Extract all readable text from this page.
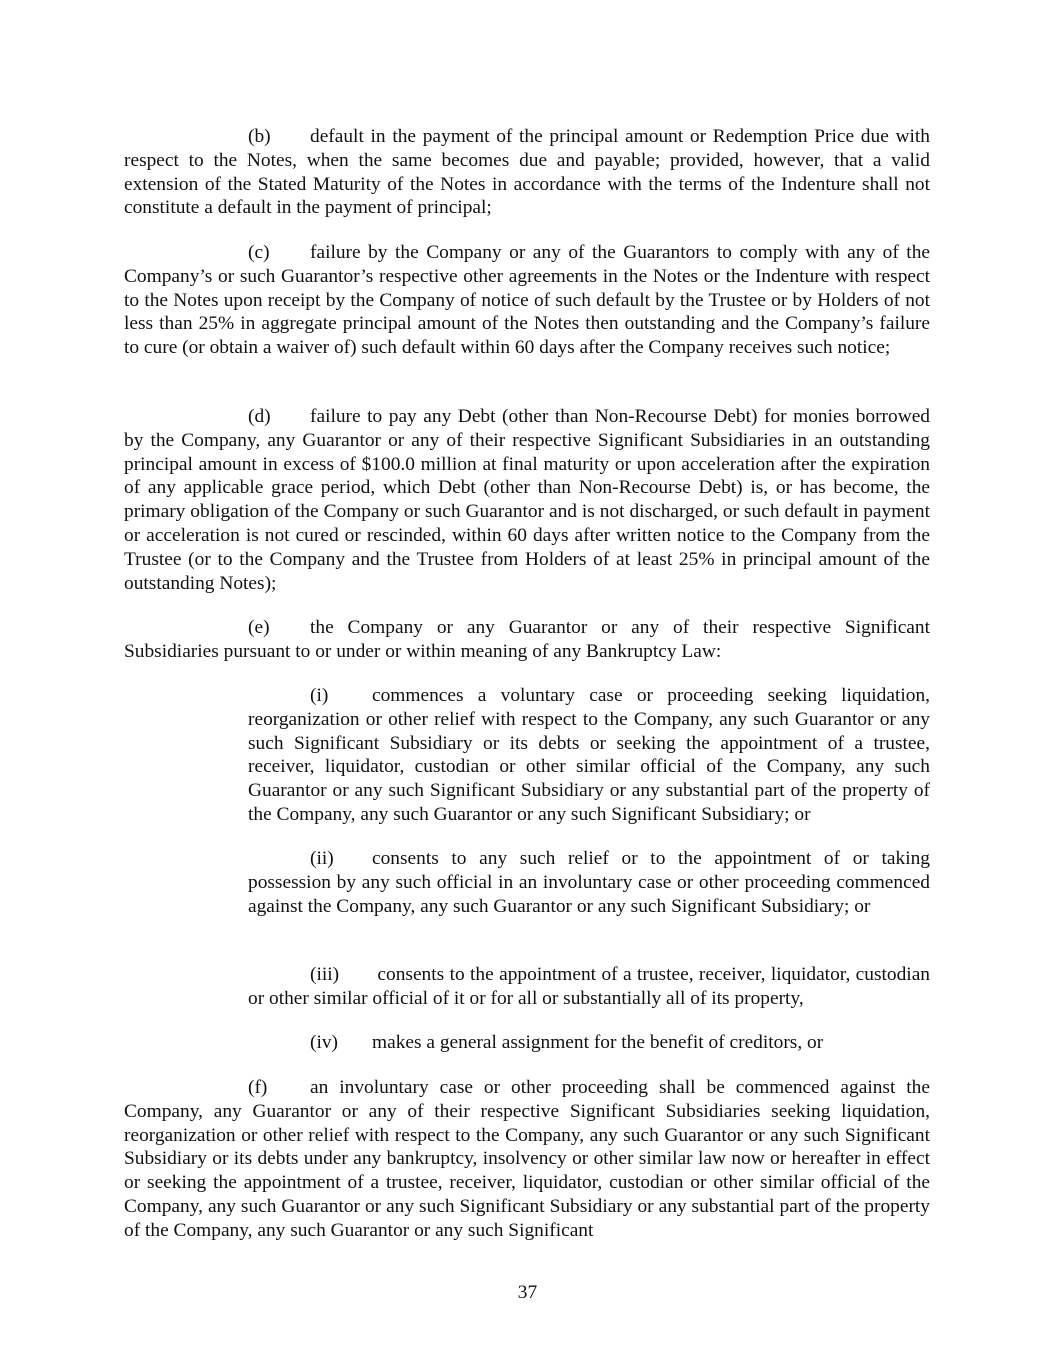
(b) default in the payment of the principal amount or Redemption Price due with respect to the Notes, when the same becomes due and payable; provided, however, that a valid extension of the Stated Maturity of the Notes in accordance with the terms of the Indenture shall not constitute a default in the payment of principal;

(c) failure by the Company or any of the Guarantors to comply with any of the Company’s or such Guarantor’s respective other agreements in the Notes or the Indenture with respect to the Notes upon receipt by the Company of notice of such default by the Trustee or by Holders of not less than 25% in aggregate principal amount of the Notes then outstanding and the Company’s failure to cure (or obtain a waiver of) such default within 60 days after the Company receives such notice;

(d) failure to pay any Debt (other than Non-Recourse Debt) for monies borrowed by the Company, any Guarantor or any of their respective Significant Subsidiaries in an outstanding principal amount in excess of $100.0 million at final maturity or upon acceleration after the expiration of any applicable grace period, which Debt (other than Non-Recourse Debt) is, or has become, the primary obligation of the Company or such Guarantor and is not discharged, or such default in payment or acceleration is not cured or rescinded, within 60 days after written notice to the Company from the Trustee (or to the Company and the Trustee from Holders of at least 25% in principal amount of the outstanding Notes);

(e) the Company or any Guarantor or any of their respective Significant Subsidiaries pursuant to or under or within meaning of any Bankruptcy Law:

(i) commences a voluntary case or proceeding seeking liquidation, reorganization or other relief with respect to the Company, any such Guarantor or any such Significant Subsidiary or its debts or seeking the appointment of a trustee, receiver, liquidator, custodian or other similar official of the Company, any such Guarantor or any such Significant Subsidiary or any substantial part of the property of the Company, any such Guarantor or any such Significant Subsidiary; or

(ii) consents to any such relief or to the appointment of or taking possession by any such official in an involuntary case or other proceeding commenced against the Company, any such Guarantor or any such Significant Subsidiary; or

(iii) consents to the appointment of a trustee, receiver, liquidator, custodian or other similar official of it or for all or substantially all of its property,

(iv) makes a general assignment for the benefit of creditors, or

(f) an involuntary case or other proceeding shall be commenced against the Company, any Guarantor or any of their respective Significant Subsidiaries seeking liquidation, reorganization or other relief with respect to the Company, any such Guarantor or any such Significant Subsidiary or its debts under any bankruptcy, insolvency or other similar law now or hereafter in effect or seeking the appointment of a trustee, receiver, liquidator, custodian or other similar official of the Company, any such Guarantor or any such Significant Subsidiary or any substantial part of the property of the Company, any such Guarantor or any such Significant

37
